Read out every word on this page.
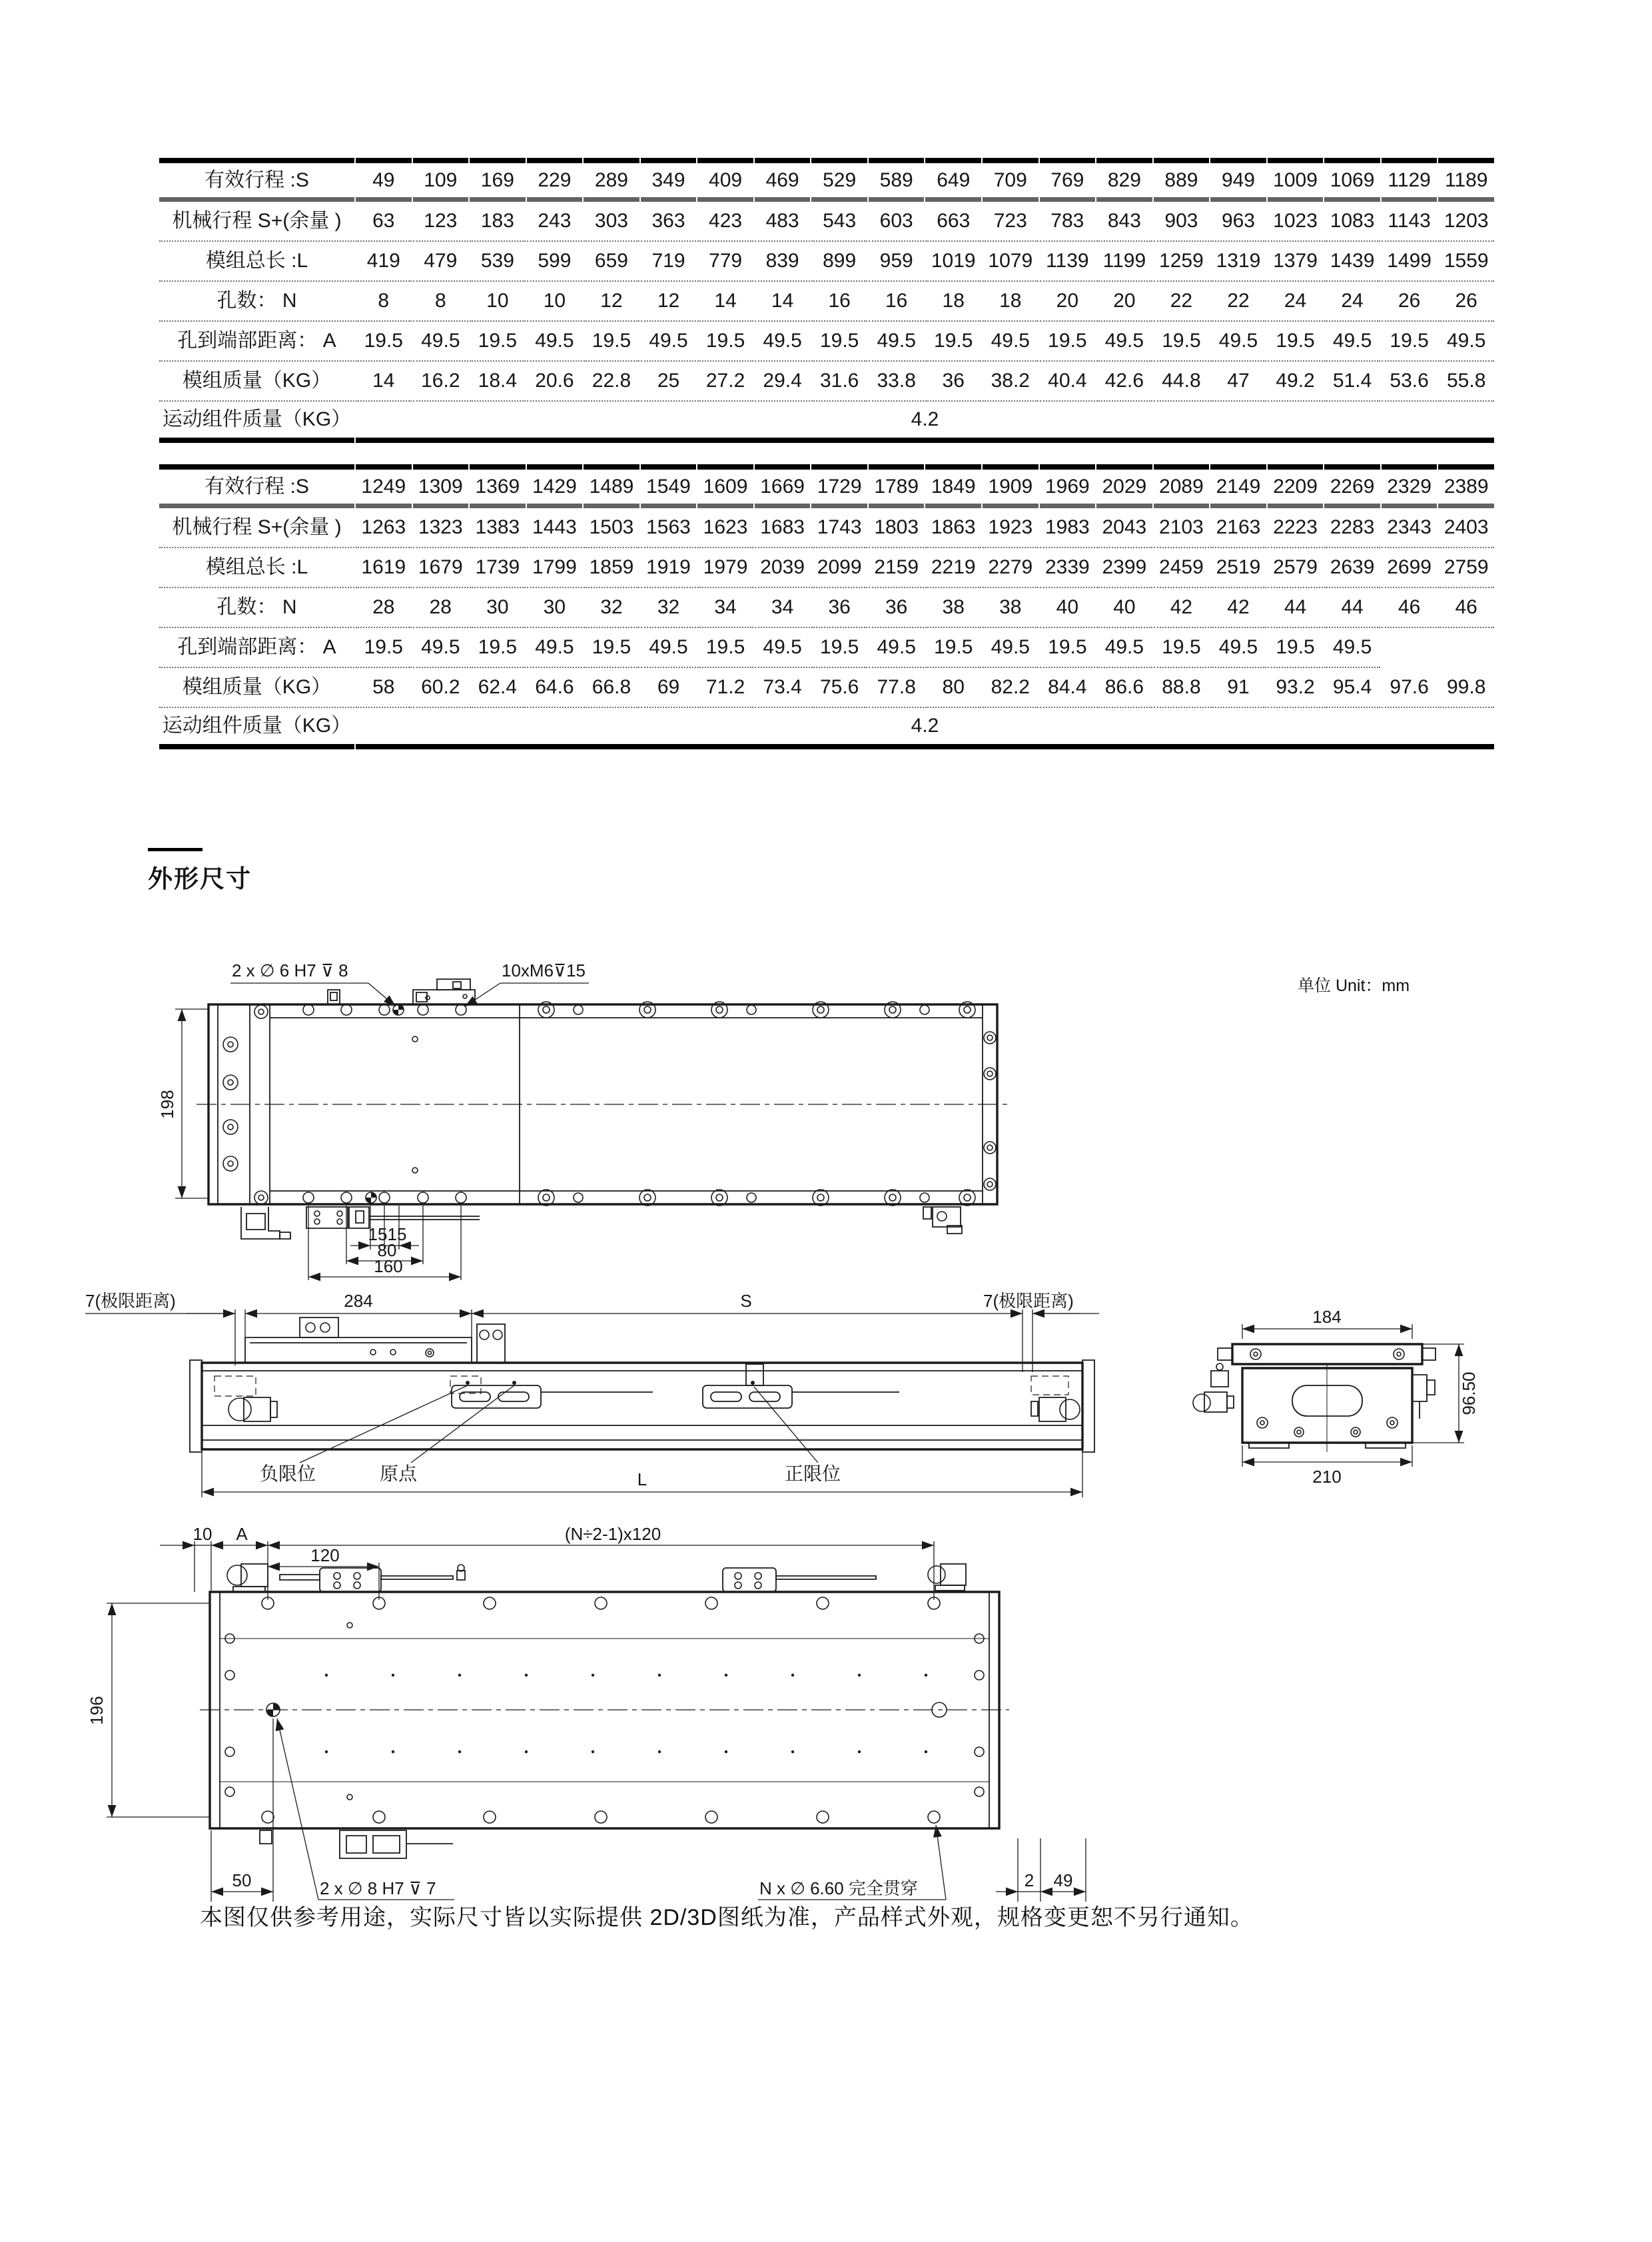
有效行程 :S	49	109	169	229	289	349	409	469	529	589	649	709	769	829	889	949	1009	1069	1129	1189
机械行程 S+(余量 )	63	123	183	243	303	363	423	483	543	603	663	723	783	843	903	963	1023	1083	1143	1203
模组总长 :L	419	479	539	599	659	719	779	839	899	959	1019	1079	1139	1199	1259	1319	1379	1439	1499	1559
孔数： N	8	8	10	10	12	12	14	14	16	16	18	18	20	20	22	22	24	24	26	26
孔到端部距离： A	19.5	49.5	19.5	49.5	19.5	49.5	19.5	49.5	19.5	49.5	19.5	49.5	19.5	49.5	19.5	49.5	19.5	49.5	19.5	49.5
模组质量（KG）	14	16.2	18.4	20.6	22.8	25	27.2	29.4	31.6	33.8	36	38.2	40.4	42.6	44.8	47	49.2	51.4	53.6	55.8
运动组件质量（KG）	4.2																			
有效行程 :S	1249	1309	1369	1429	1489	1549	1609	1669	1729	1789	1849	1909	1969	2029	2089	2149	2209	2269	2329	2389
机械行程 S+(余量 )	1263	1323	1383	1443	1503	1563	1623	1683	1743	1803	1863	1923	1983	2043	2103	2163	2223	2283	2343	2403
模组总长 :L	1619	1679	1739	1799	1859	1919	1979	2039	2099	2159	2219	2279	2339	2399	2459	2519	2579	2639	2699	2759
孔数： N	28	28	30	30	32	32	34	34	36	36	38	38	40	40	42	42	44	44	46	46
孔到端部距离： A	19.5	49.5	19.5	49.5	19.5	49.5	19.5	49.5	19.5	49.5	19.5	49.5	19.5	49.5	19.5	49.5	19.5	49.5		
模组质量（KG）	58	60.2	62.4	64.6	66.8	69	71.2	73.4	75.6	77.8	80	82.2	84.4	86.6	88.8	91	93.2	95.4	97.6	99.8
运动组件质量（KG）	4.2																			
外形尺寸
单位 Unit：mm
198
2 x ∅ 6 H7 ⊽ 8	10xM6⊽15
15 15
80
160
7(极限距离)	284	S	7(极限距离)
负限位	原点	正限位
L
184
96.50
210
10 A	(N÷2-1)x120
120
196
50	2 x ∅ 8 H7 ⊽ 7	N x ∅ 6.60 完全贯穿	2 49
本图仅供参考用途，实际尺寸皆以实际提供 2D/3D图纸为准，产品样式外观，规格变更恕不另行通知。
